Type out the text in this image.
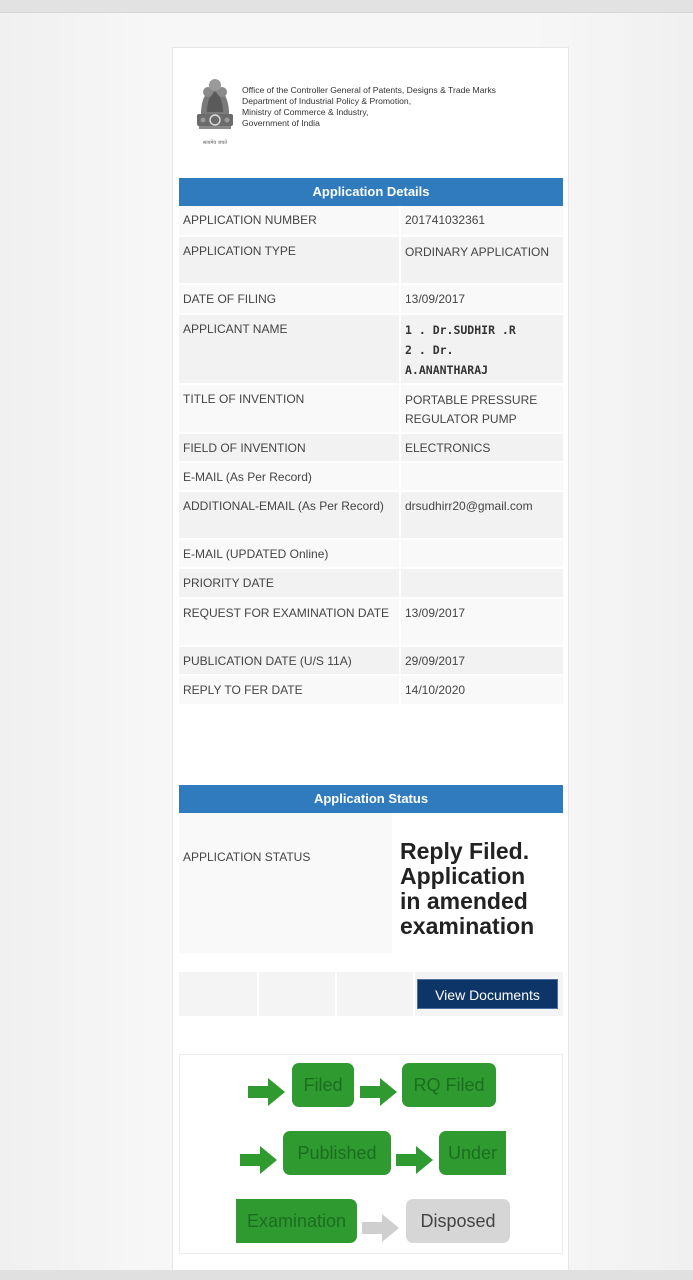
सत्यमेव जयते
Office of the Controller General of Patents, Designs & Trade Marks
Department of Industrial Policy & Promotion,
Ministry of Commerce & Industry,
Government of India
Application Details
APPLICATION NUMBER	201741032361
APPLICATION TYPE	ORDINARY APPLICATION
DATE OF FILING	13/09/2017
APPLICANT NAME	1 . Dr.SUDHIR .R
2 . Dr.
A.ANANTHARAJ

TITLE OF INVENTION	PORTABLE PRESSURE REGULATOR PUMP
FIELD OF INVENTION	ELECTRONICS
E-MAIL (As Per Record)	
ADDITIONAL-EMAIL (As Per Record)	drsudhirr20@gmail.com
E-MAIL (UPDATED Online)	
PRIORITY DATE	
REQUEST FOR EXAMINATION DATE	13/09/2017
PUBLICATION DATE (U/S 11A)	29/09/2017
REPLY TO FER DATE	14/10/2020
Application Status
APPLICATION STATUS	Reply Filed.
Application
in amended
examination
View Documents
Filed	RQ Filed
Published	Under
Examination	Disposed
